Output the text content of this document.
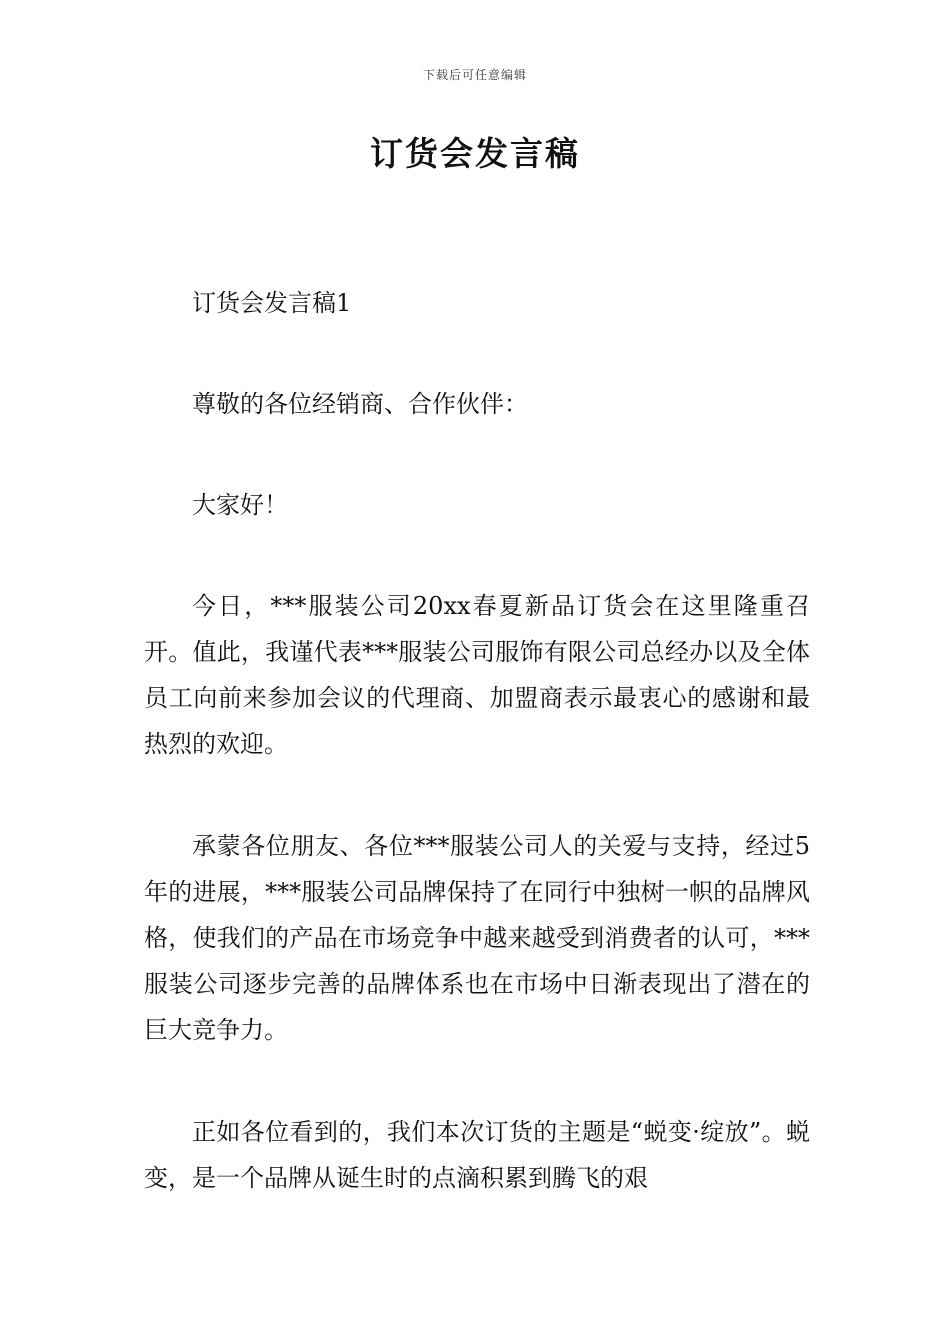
下载后可任意编辑
订货会发言稿

订货会发言稿1

尊敬的各位经销商、合作伙伴：

大家好！

今日，***服装公司20xx春夏新品订货会在这里隆重召开。值此，我谨代表***服装公司服饰有限公司总经办以及全体员工向前来参加会议的代理商、加盟商表示最衷心的感谢和最热烈的欢迎。

承蒙各位朋友、各位***服装公司人的关爱与支持，经过5年的进展，***服装公司品牌保持了在同行中独树一帜的品牌风格，使我们的产品在市场竞争中越来越受到消费者的认可，***服装公司逐步完善的品牌体系也在市场中日渐表现出了潜在的巨大竞争力。

正如各位看到的，我们本次订货的主题是“蜕变·绽放”。蜕变，是一个品牌从诞生时的点滴积累到腾飞的艰
